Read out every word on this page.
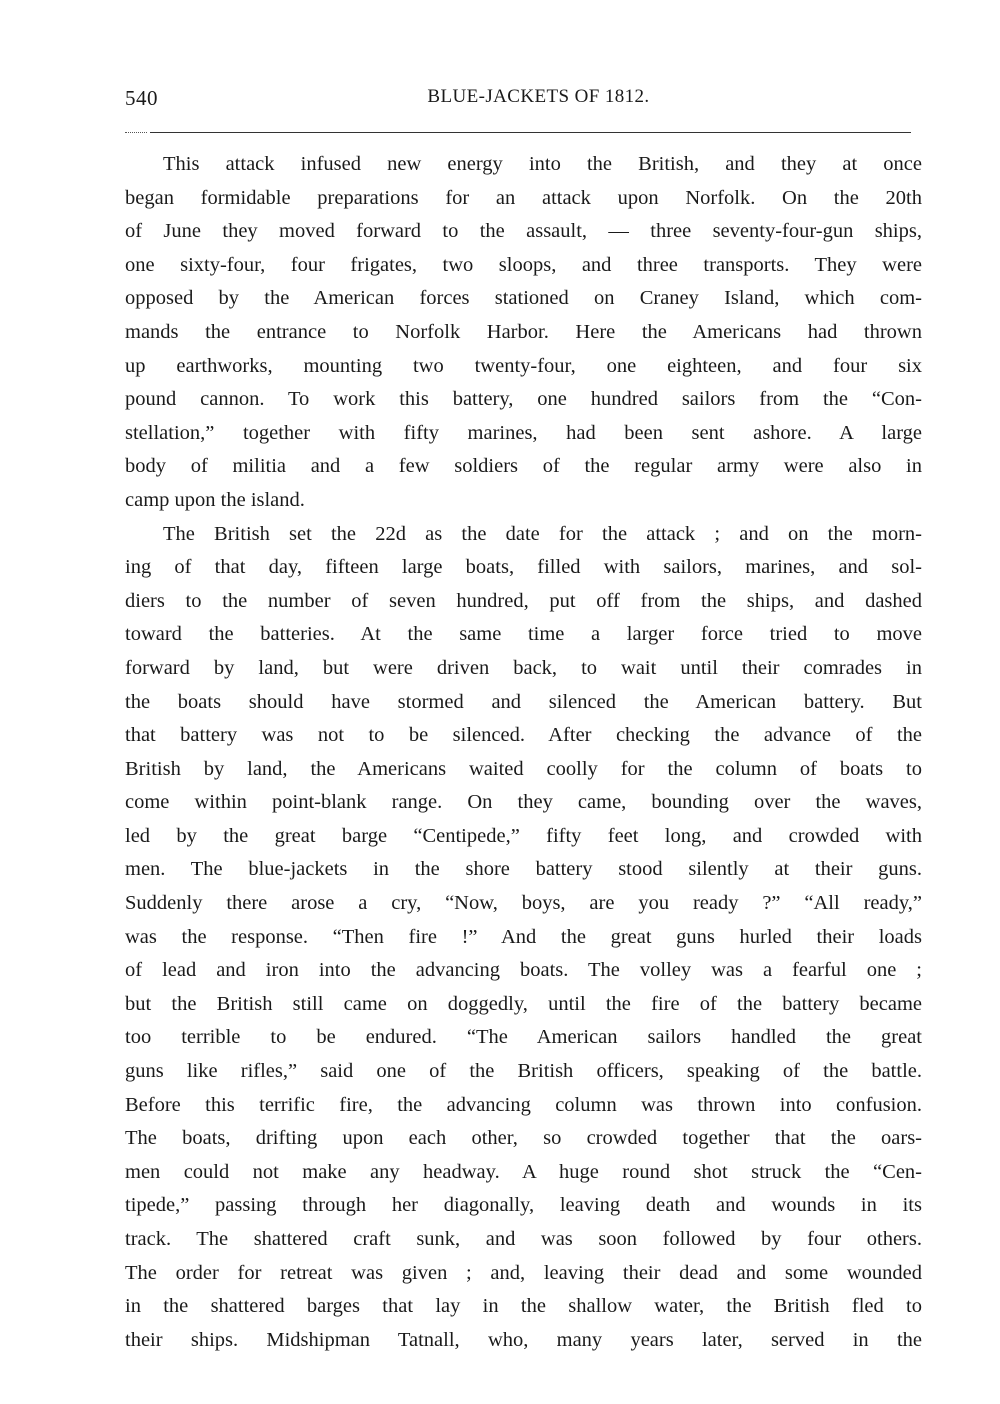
540	BLUE-JACKETS OF 1812.
This attack infused new energy into the British, and they at once
began formidable preparations for an attack upon Norfolk. On the 20th
of June they moved forward to the assault, — three seventy-four-gun ships,
one sixty-four, four frigates, two sloops, and three transports. They were
opposed by the American forces stationed on Craney Island, which com-
mands the entrance to Norfolk Harbor. Here the Americans had thrown
up earthworks, mounting two twenty-four, one eighteen, and four six
pound cannon. To work this battery, one hundred sailors from the “Con-
stellation,” together with fifty marines, had been sent ashore. A large
body of militia and a few soldiers of the regular army were also in
camp upon the island.
The British set the 22d as the date for the attack ; and on the morn-
ing of that day, fifteen large boats, filled with sailors, marines, and sol-
diers to the number of seven hundred, put off from the ships, and dashed
toward the batteries. At the same time a larger force tried to move
forward by land, but were driven back, to wait until their comrades in
the boats should have stormed and silenced the American battery. But
that battery was not to be silenced. After checking the advance of the
British by land, the Americans waited coolly for the column of boats to
come within point-blank range. On they came, bounding over the waves,
led by the great barge “Centipede,” fifty feet long, and crowded with
men. The blue-jackets in the shore battery stood silently at their guns.
Suddenly there arose a cry, “Now, boys, are you ready ?” “All ready,”
was the response. “Then fire !” And the great guns hurled their loads
of lead and iron into the advancing boats. The volley was a fearful one ;
but the British still came on doggedly, until the fire of the battery became
too terrible to be endured. “The American sailors handled the great
guns like rifles,” said one of the British officers, speaking of the battle.
Before this terrific fire, the advancing column was thrown into confusion.
The boats, drifting upon each other, so crowded together that the oars-
men could not make any headway. A huge round shot struck the “Cen-
tipede,” passing through her diagonally, leaving death and wounds in its
track. The shattered craft sunk, and was soon followed by four others.
The order for retreat was given ; and, leaving their dead and some wounded
in the shattered barges that lay in the shallow water, the British fled to
their ships. Midshipman Tatnall, who, many years later, served in the
